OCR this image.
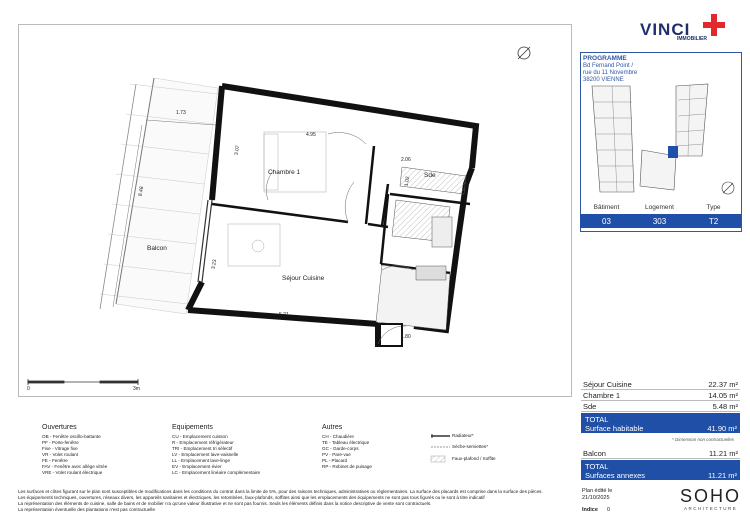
Balcon
Chambre 1
Séjour Cuisine
Sde
1.73
4.95
3.07
2.06
1.02
8.48
3.23
5.21
1.80
0	3m
VINCI
IMMOBILIER
PROGRAMME
Bd Fernand Point /
rue du 11 Novembre
38200 VIENNE
Bâtiment	Logement	Type
03	303	T2
Séjour Cuisine	22.37 m²
Chambre 1	14.05 m²
Sde	5.48 m²
TOTAL
Surface habitable	41.90 m²
* Dimension non contractuelles
Balcon	11.21 m²
TOTAL
Surfaces annexes	11.21 m²
Ouvertures
OB - Fenêtre oscillo-battante
PF - Porte-fenêtre
Fixe - Vitrage fixe
VR - Volet roulant
FE - Fenêtre
FAV - Fenêtre avec allège vitrée
VRE - Volet roulant électrique
Equipements
CU - Emplacement cuisson
R - Emplacement réfrigérateur
TRI - Emplacement tri sélectif
LV - Emplacement lave-vaisselle
LL - Emplacement lave-linge
EV - Emplacement évier
LC - Emplacement linéaire complémentaire
Autres
CH - Chaudière
TE - Tableau électrique
GC - Garde-corps
PV - Pare-vue
PL - Placard
RP - Robinet de puisage
Radiateur*
Sèche-serviettes*
Faux-plafond / Soffite
Les surfaces et côtes figurant sur le plan sont susceptibles de modifications dans les conditions du contrat dans la limite de 5%, pour des raisons techniques, administratives ou réglementaires. La surface des placards est comprise dans la surface des pièces.
Les équipements techniques, ouvertures, réseaux divers, les appareils sanitaires et électriques, les retombées, faux-plafonds, soffites ainsi que les emplacements des équipements ne sont pas tous figurés ou le sont à titre indicatif
La représentation des éléments de cuisine, salle de bains et de mobilier n'a qu'une valeur illustrative et ne sont pas fournis. Seuls les éléments définis dans la notice descriptive de vente sont contractuels.
La représentation éventuelle des plantations n'est pas contractuelle
Plan édité le
21/10/2025
Indice 0
SOHO
ARCHITECTURE
